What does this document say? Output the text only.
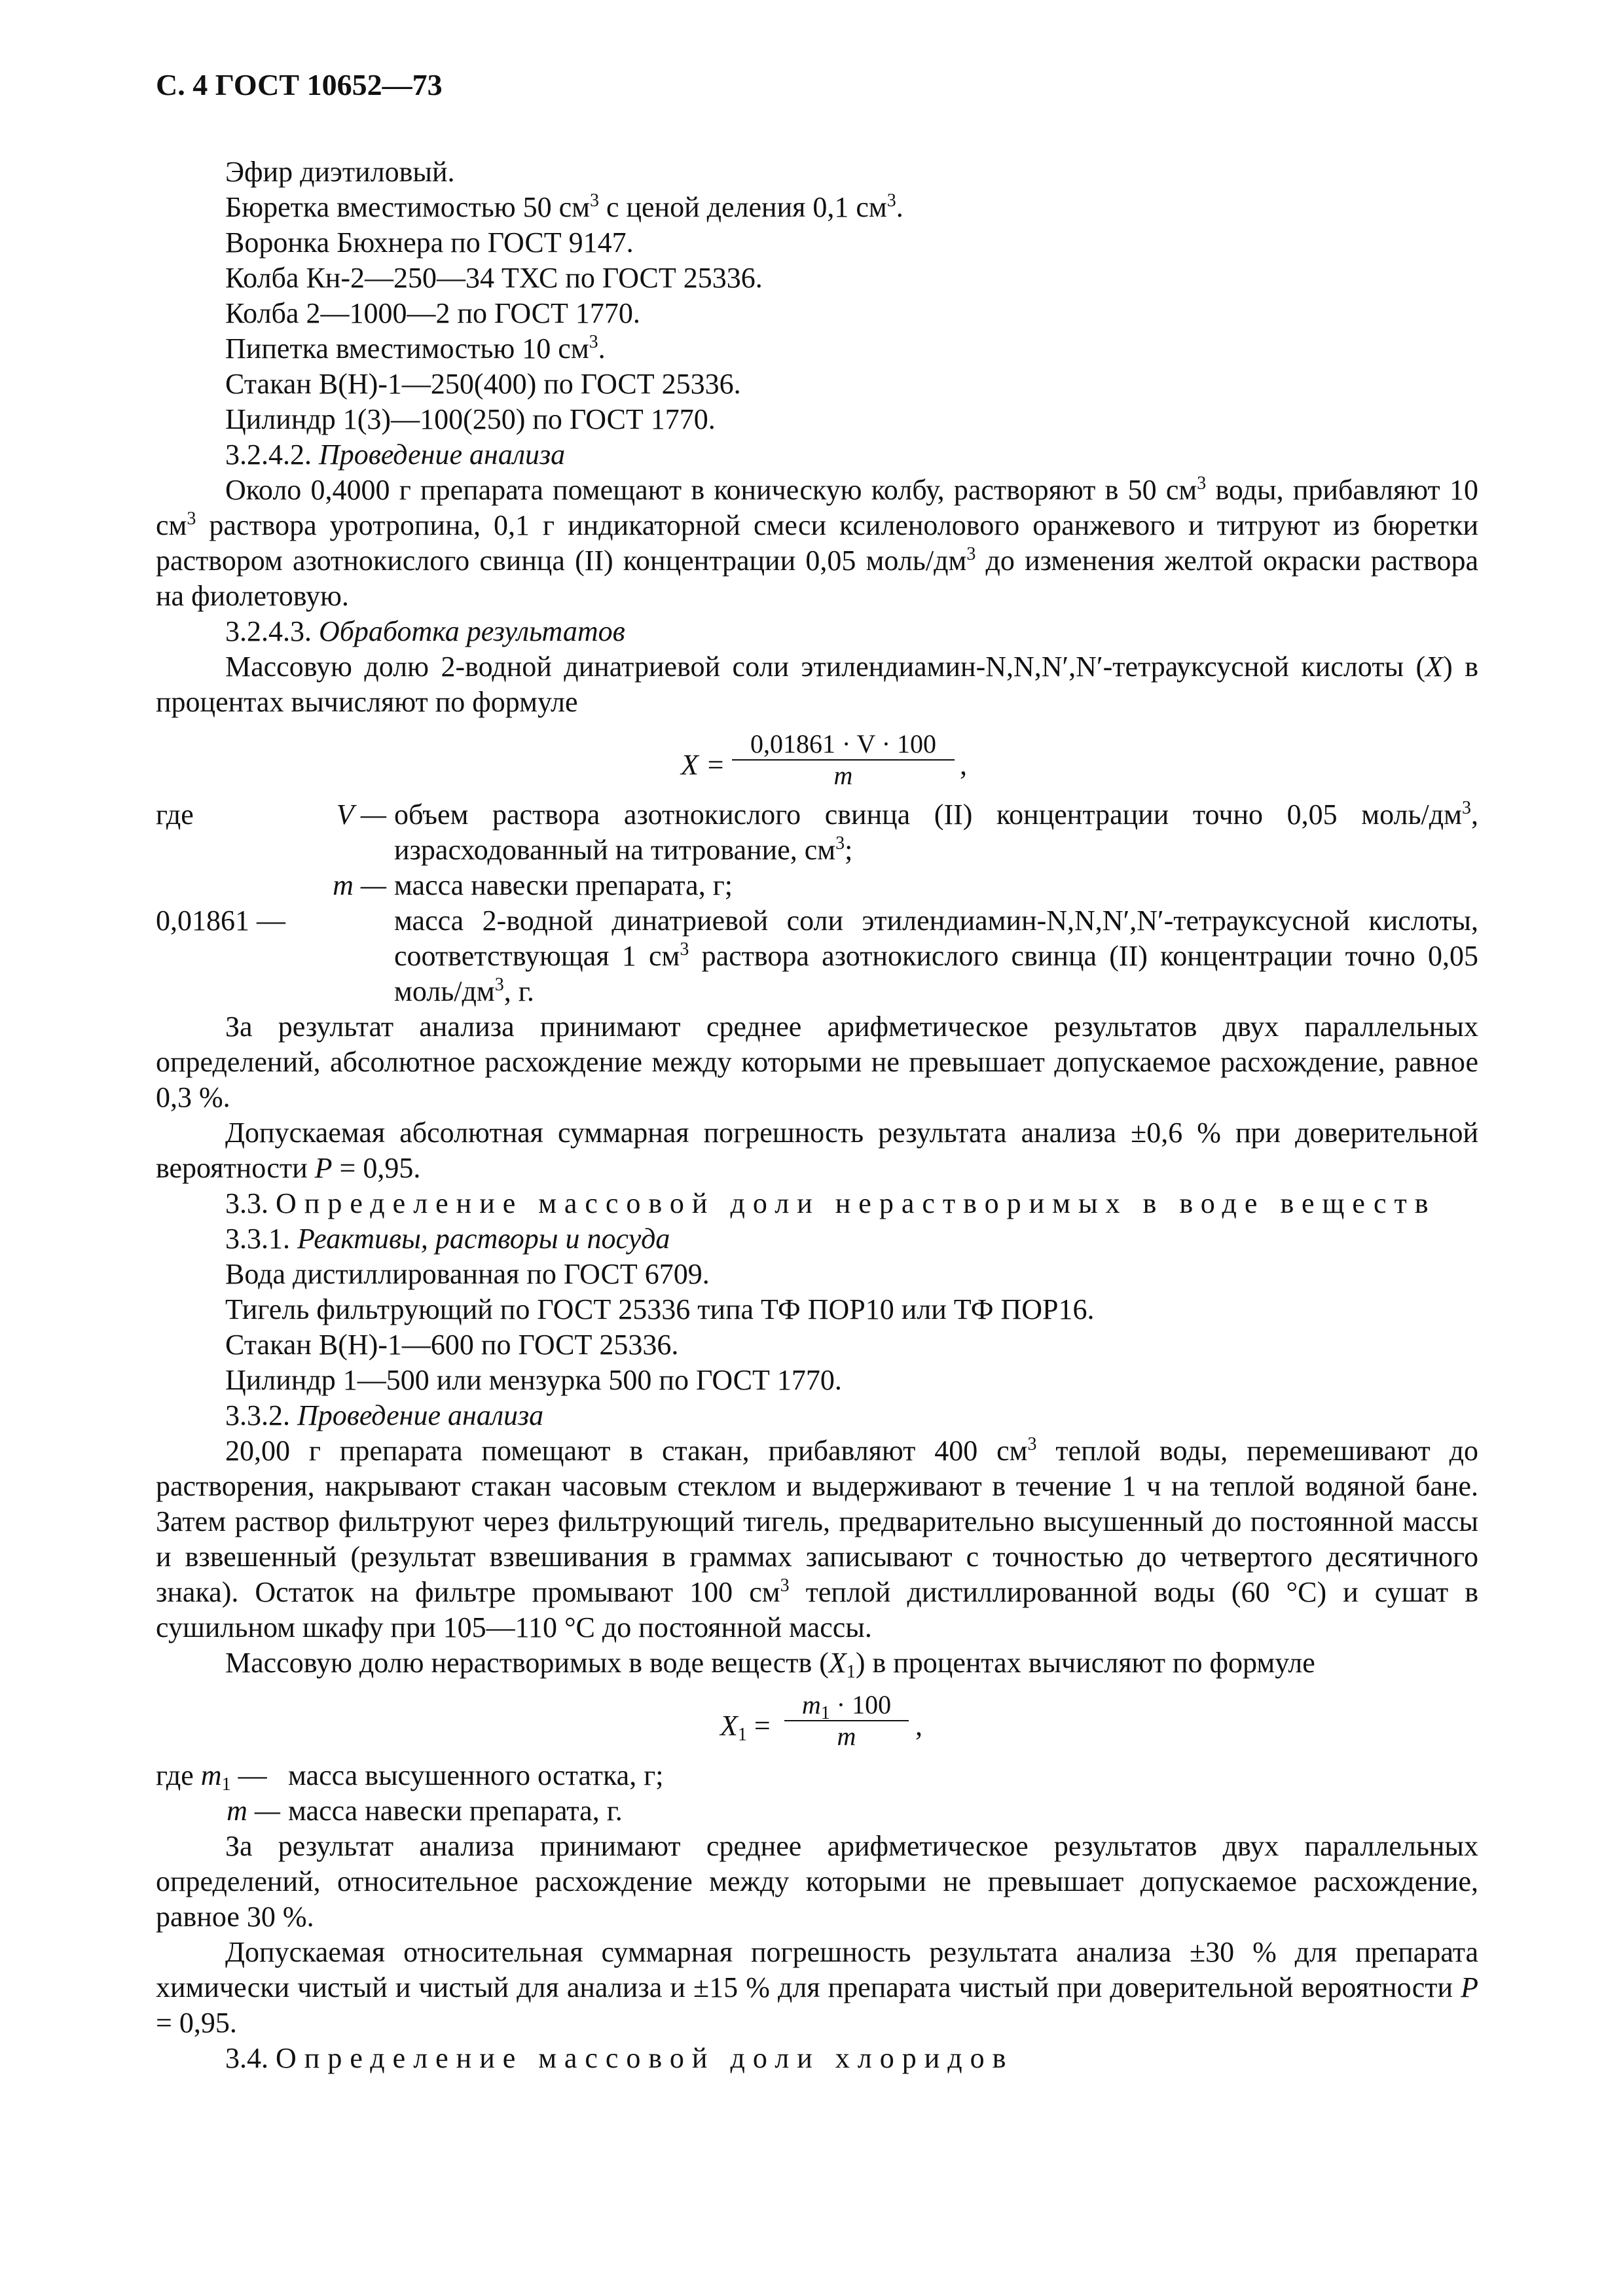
С. 4 ГОСТ 10652—73
Эфир диэтиловый.
Бюретка вместимостью 50 $см^3$ с ценой деления 0,1 $см^3$.
Воронка Бюхнера по ГОСТ 9147.
Колба Кн-2—250—34 ТХС по ГОСТ 25336.
Колба 2—1000—2 по ГОСТ 1770.
Пипетка вместимостью 10 $см^3$.
Стакан В(Н)-1—250(400) по ГОСТ 25336.
Цилиндр 1(3)—100(250) по ГОСТ 1770.
3.2.4.2. Проведение анализа
Около 0,4000 г препарата помещают в коническую колбу, растворяют в 50 $см^3$ воды, прибавляют 10 $см^3$ раствора уротропина, 0,1 г индикаторной смеси ксиленолового оранжевого и титруют из бюретки раствором азотнокислого свинца (II) концентрации 0,05 моль/$дм^3$ до изменения желтой окраски раствора на фиолетовую.
3.2.4.3. Обработка результатов
Массовую долю 2-водной динатриевой соли этилендиамин-N,N,N′,N′-тетрауксусной кислоты (X) в процентах вычисляют по формуле
$X = \frac{0,01861 \cdot V \cdot 100}{m}$ ,
где	V — объем раствора азотнокислого свинца (II) концентрации точно 0,05 моль/$дм^3$, израсходованный на титрование, $см^3$;
m — масса навески препарата, г;
0,01861 —	масса 2-водной динатриевой соли этилендиамин-N,N,N′,N′-тетрауксусной кислоты, соответствующая 1 $см^3$ раствора азотнокислого свинца (II) концентрации точно 0,05 моль/$дм^3$, г.
За результат анализа принимают среднее арифметическое результатов двух параллельных определений, абсолютное расхождение между которыми не превышает допускаемое расхождение, равное 0,3 %.
Допускаемая абсолютная суммарная погрешность результата анализа ±0,6 % при доверительной вероятности P = 0,95.
3.3. Определение массовой доли нерастворимых в воде веществ
3.3.1. Реактивы, растворы и посуда
Вода дистиллированная по ГОСТ 6709.
Тигель фильтрующий по ГОСТ 25336 типа ТФ ПОР10 или ТФ ПОР16.
Стакан В(Н)-1—600 по ГОСТ 25336.
Цилиндр 1—500 или мензурка 500 по ГОСТ 1770.
3.3.2. Проведение анализа
20,00 г препарата помещают в стакан, прибавляют 400 $см^3$ теплой воды, перемешивают до растворения, накрывают стакан часовым стеклом и выдерживают в течение 1 ч на теплой водяной бане. Затем раствор фильтруют через фильтрующий тигель, предварительно высушенный до постоянной массы и взвешенный (результат взвешивания в граммах записывают с точностью до четвертого десятичного знака). Остаток на фильтре промывают 100 $см^3$ теплой дистиллированной воды (60 °C) и сушат в сушильном шкафу при 105—110 °C до постоянной массы.
Массовую долю нерастворимых в воде веществ $(X_1)$ в процентах вычисляют по формуле
$X_1 = \frac{m_1 \cdot 100}{m}$ ,
где $m_1$ — масса высушенного остатка, г;
m — масса навески препарата, г.
За результат анализа принимают среднее арифметическое результатов двух параллельных определений, относительное расхождение между которыми не превышает допускаемое расхождение, равное 30 %.
Допускаемая относительная суммарная погрешность результата анализа ±30 % для препарата химически чистый и чистый для анализа и ±15 % для препарата чистый при доверительной вероятности P = 0,95.
3.4. Определение массовой доли хлоридов
